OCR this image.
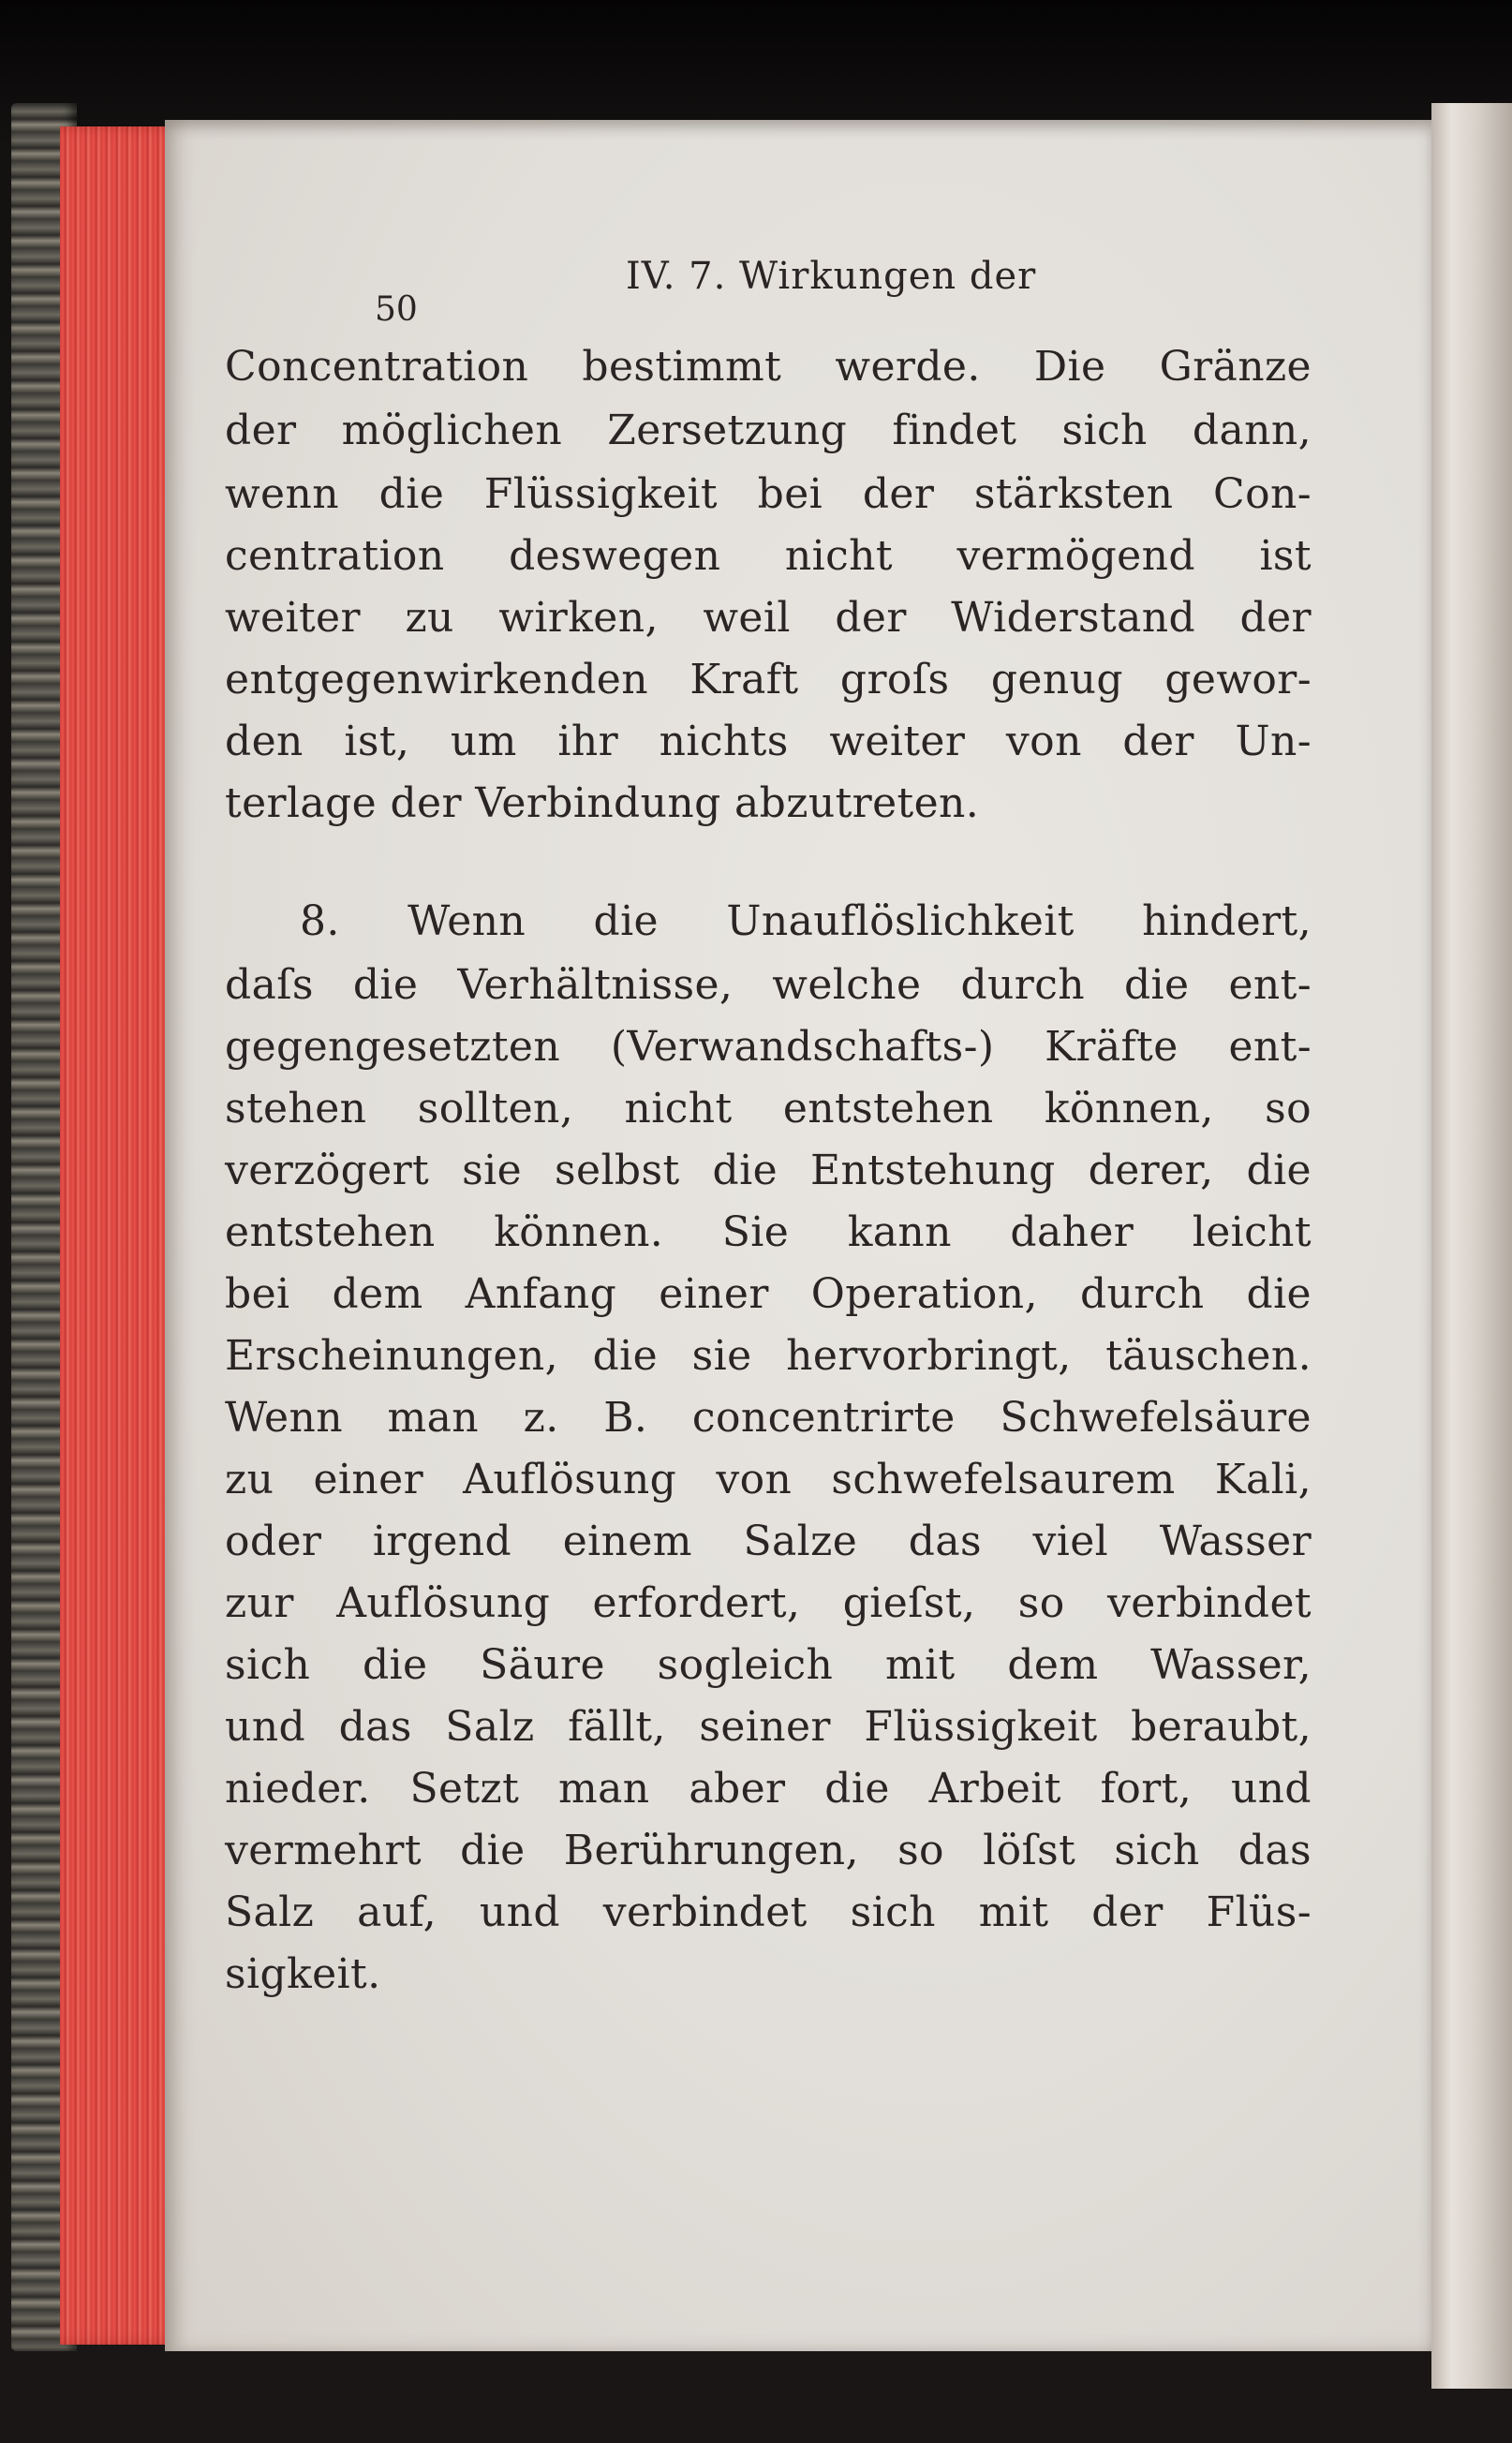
50
IV. 7. Wirkungen der
Concentration bestimmt werde. Die Gränze
der möglichen Zersetzung findet sich dann,
wenn die Flüssigkeit bei der stärksten Con-
centration deswegen nicht vermögend ist
weiter zu wirken, weil der Widerstand der
entgegenwirkenden Kraft groſs genug gewor-
den ist, um ihr nichts weiter von der Un-
terlage der Verbindung abzutreten.
8. Wenn die Unauflöslichkeit hindert,
daſs die Verhältnisse, welche durch die ent-
gegengesetzten (Verwandschafts-) Kräfte ent-
stehen sollten, nicht entstehen können, so
verzögert sie selbst die Entstehung derer, die
entstehen können. Sie kann daher leicht
bei dem Anfang einer Operation, durch die
Erscheinungen, die sie hervorbringt, täuschen.
Wenn man z. B. concentrirte Schwefelsäure
zu einer Auflösung von schwefelsaurem Kali,
oder irgend einem Salze das viel Wasser
zur Auflösung erfordert, gieſst, so verbindet
sich die Säure sogleich mit dem Wasser,
und das Salz fällt, seiner Flüssigkeit beraubt,
nieder. Setzt man aber die Arbeit fort, und
vermehrt die Berührungen, so löſst sich das
Salz auf, und verbindet sich mit der Flüs-
sigkeit.
